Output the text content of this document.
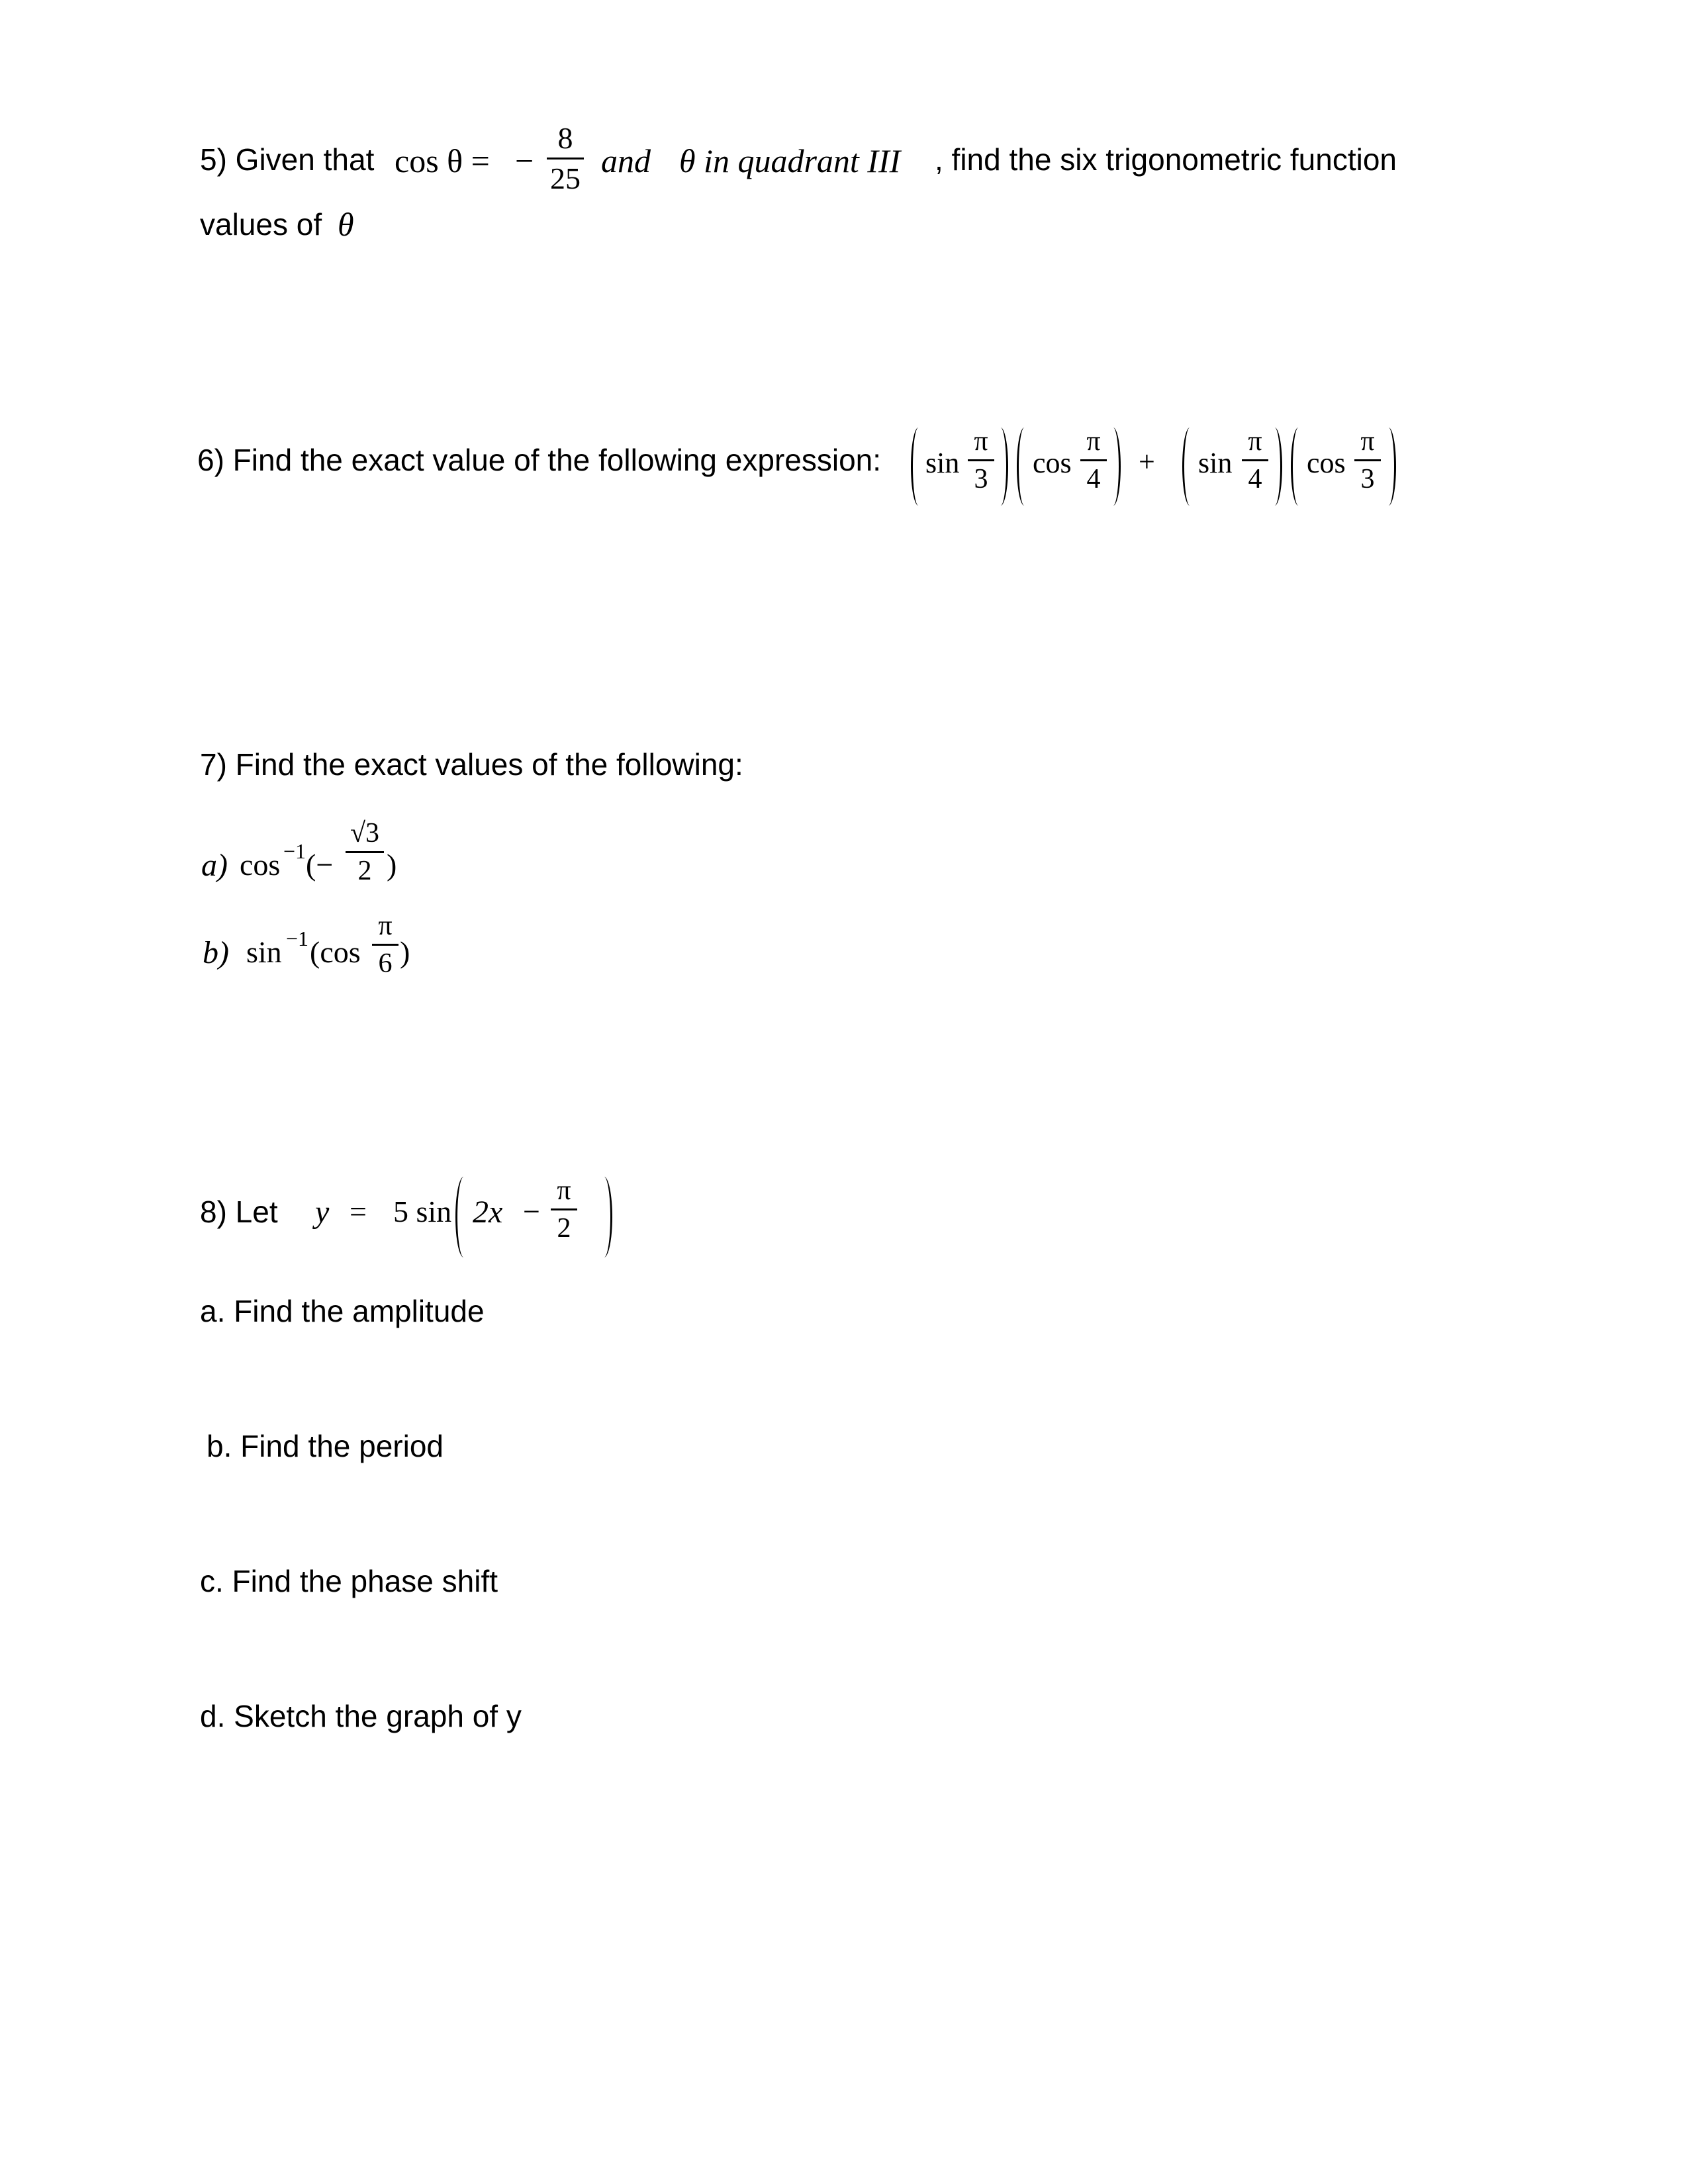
5) Given that cos θ = −
8
25 and θ in quadrant III , find the six trigonometric function
values of θ
6) Find the exact value of the following expression: sin
π
3 cos
π
4
+ sin
π
4 cos
π
3
7) Find the exact values of the following:
a) cos −1 (−
√3
2 )
b) sin −1 (cos
π
6 )
8) Let y = 5 sin 2x −
π
2
a. Find the amplitude
b. Find the period
c. Find the phase shift
d. Sketch the graph of y
